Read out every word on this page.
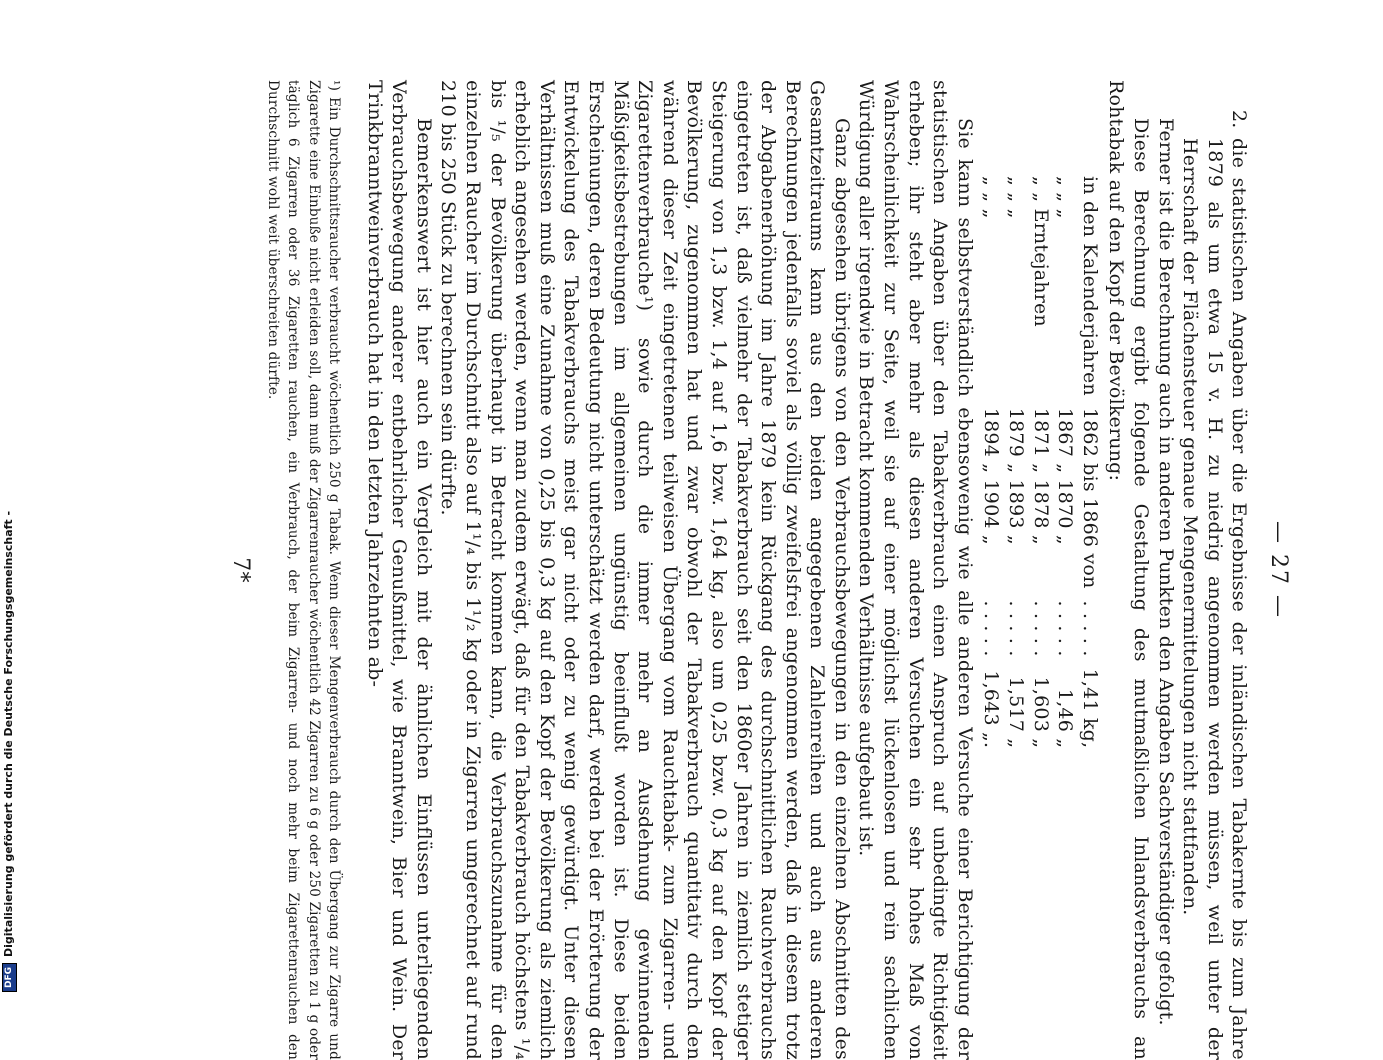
— 27 —

2. die statistischen Angaben über die Ergebnisse der inländischen Tabakernte bis zum Jahre 1879 als um etwa 15 v. H. zu niedrig angenommen werden müssen, weil unter der Herrschaft der Flächensteuer genaue Mengenermittelungen nicht stattfanden.

Ferner ist die Berechnung auch in anderen Punkten den Angaben Sachverständiger gefolgt.

Diese Berechnung ergibt folgende Gestaltung des mutmaßlichen Inlandsverbrauchs an Rohtabak auf den Kopf der Bevölkerung:

in den Kalenderjahren	1862 bis 1866 von	. . . . .	1,41 kg,
„ „ „	1867 „ 1870 „	. . . . .	1,46 „
„ „ Erntejahren	1871 „ 1878 „	. . . . .	1,603 „
„ „ „	1879 „ 1893 „	. . . . .	1,517 „
„ „ „	1894 „ 1904 „	. . . . .	1,643 „.

Sie kann selbstverständlich ebensowenig wie alle anderen Versuche einer Berichtigung der statistischen Angaben über den Tabakverbrauch einen Anspruch auf unbedingte Richtigkeit erheben; ihr steht aber mehr als diesen anderen Versuchen ein sehr hohes Maß von Wahrscheinlichkeit zur Seite, weil sie auf einer möglichst lückenlosen und rein sachlichen Würdigung aller irgendwie in Betracht kommenden Verhältnisse aufgebaut ist.

Ganz abgesehen übrigens von den Verbrauchsbewegungen in den einzelnen Abschnitten des Gesamtzeitraums kann aus den beiden angegebenen Zahlenreihen und auch aus anderen Berechnungen jedenfalls soviel als völlig zweifelsfrei angenommen werden, daß in diesem trotz der Abgabenerhöhung im Jahre 1879 kein Rückgang des durchschnittlichen Rauchverbrauchs eingetreten ist, daß vielmehr der Tabakverbrauch seit den 1860er Jahren in ziemlich stetiger Steigerung von 1,3 bzw. 1,4 auf 1,6 bzw. 1,64 kg, also um 0,25 bzw. 0,3 kg auf den Kopf der Bevölkerung, zugenommen hat und zwar obwohl der Tabakverbrauch quantitativ durch den während dieser Zeit eingetretenen teilweisen Übergang vom Rauchtabak- zum Zigarren- und Zigarettenverbrauche¹) sowie durch die immer mehr an Ausdehnung gewinnenden Mäßigkeitsbestrebungen im allgemeinen ungünstig beeinflußt worden ist. Diese beiden Erscheinungen, deren Bedeutung nicht unterschätzt werden darf, werden bei der Erörterung der Entwickelung des Tabakverbrauchs meist gar nicht oder zu wenig gewürdigt. Unter diesen Verhältnissen muß eine Zunahme von 0,25 bis 0,3 kg auf den Kopf der Bevölkerung als ziemlich erheblich angesehen werden, wenn man zudem erwägt, daß für den Tabakverbrauch höchstens ¹/₄ bis ¹/₅ der Bevölkerung überhaupt in Betracht kommen kann, die Verbrauchszunahme für den einzelnen Raucher im Durchschnitt also auf 1¹/₄ bis 1¹/₂ kg oder in Zigarren umgerechnet auf rund 210 bis 250 Stück zu berechnen sein dürfte.

Bemerkenswert ist hier auch ein Vergleich mit der ähnlichen Einflüssen unterliegenden Verbrauchsbewegung anderer entbehrlicher Genußmittel, wie Branntwein, Bier und Wein. Der Trinkbranntweinverbrauch hat in den letzten Jahrzehnten ab-

¹) Ein Durchschnittsraucher verbraucht wöchentlich 250 g Tabak. Wenn dieser Mengenverbrauch durch den Übergang zur Zigarre und Zigarette eine Einbuße nicht erleiden soll, dann muß der Zigarrenraucher wöchentlich 42 Zigarren zu 6 g oder 250 Zigaretten zu 1 g oder täglich 6 Zigarren oder 36 Zigaretten rauchen, ein Verbrauch, der beim Zigarren- und noch mehr beim Zigarettenrauchen den Durchschnitt wohl weit überschreiten dürfte.
7*
DFG
Digitalisierung gefördert durch die Deutsche Forschungsgemeinschaft -
